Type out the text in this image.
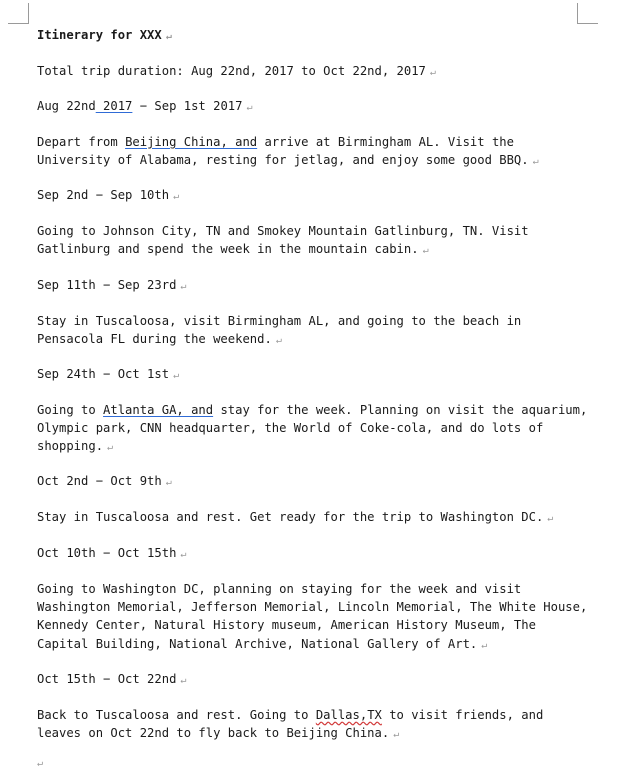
Itinerary for XXX ↵

Total trip duration: Aug 22nd, 2017 to Oct 22nd, 2017 ↵

Aug 22nd 2017 − Sep 1st 2017 ↵

Depart from Beijing China, and arrive at Birmingham AL. Visit the
University of Alabama, resting for jetlag, and enjoy some good BBQ. ↵

Sep 2nd − Sep 10th ↵

Going to Johnson City, TN and Smokey Mountain Gatlinburg, TN. Visit
Gatlinburg and spend the week in the mountain cabin. ↵

Sep 11th − Sep 23rd ↵

Stay in Tuscaloosa, visit Birmingham AL, and going to the beach in
Pensacola FL during the weekend. ↵

Sep 24th − Oct 1st ↵

Going to Atlanta GA, and stay for the week. Planning on visit the aquarium,
Olympic park, CNN headquarter, the World of Coke-cola, and do lots of
shopping. ↵

Oct 2nd − Oct 9th ↵

Stay in Tuscaloosa and rest. Get ready for the trip to Washington DC. ↵

Oct 10th − Oct 15th ↵

Going to Washington DC, planning on staying for the week and visit
Washington Memorial, Jefferson Memorial, Lincoln Memorial, The White House,
Kennedy Center, Natural History museum, American History Museum, The
Capital Building, National Archive, National Gallery of Art. ↵

Oct 15th − Oct 22nd ↵

Back to Tuscaloosa and rest. Going to Dallas,TX to visit friends, and
leaves on Oct 22nd to fly back to Beijing China. ↵

↵
